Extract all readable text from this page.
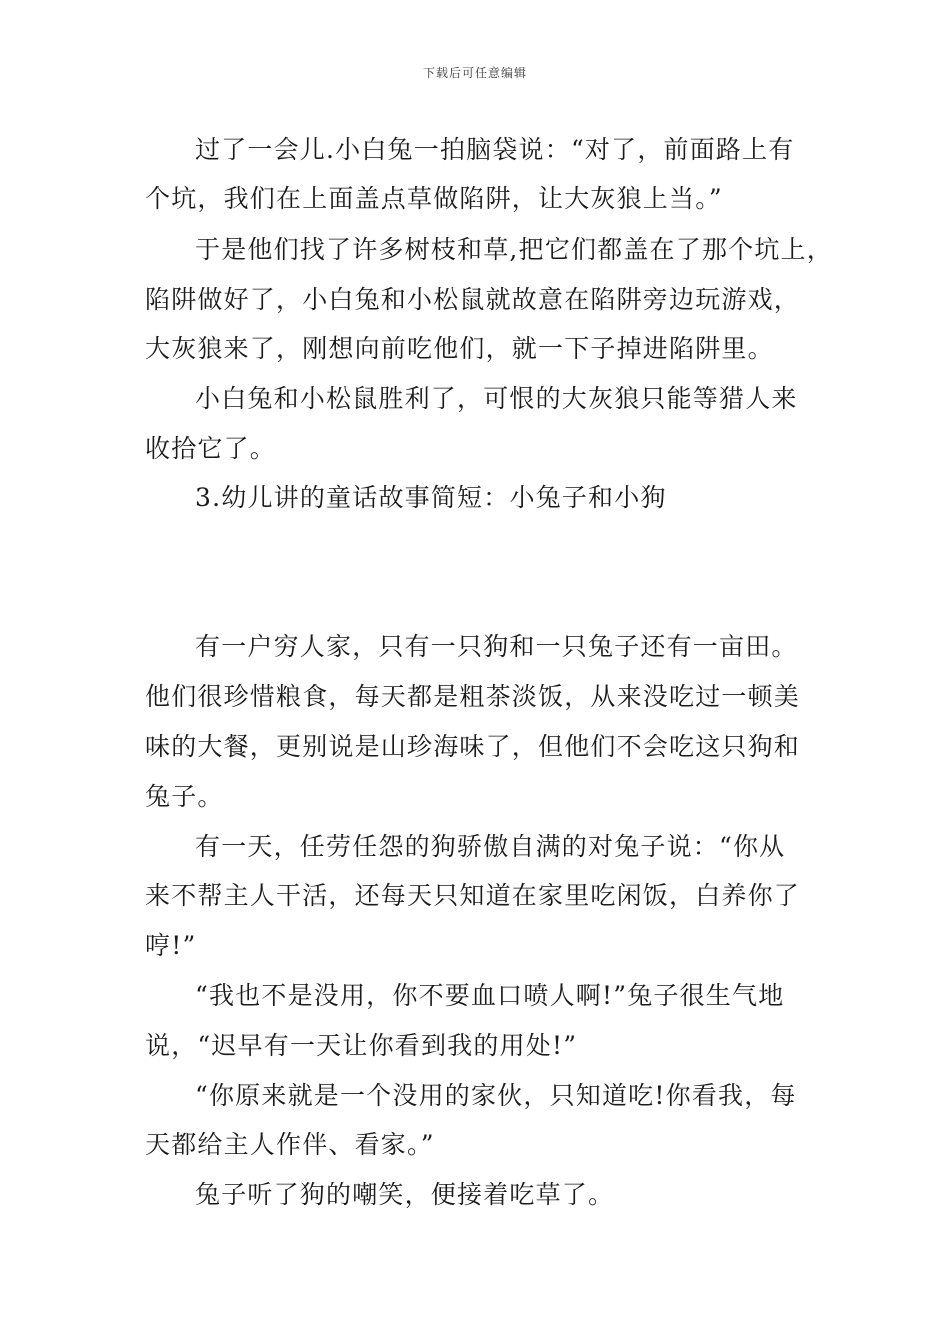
下载后可任意编辑
过了一会儿.小白兔一拍脑袋说：“对了，前面路上有
个坑，我们在上面盖点草做陷阱，让大灰狼上当。”
于是他们找了许多树枝和草,把它们都盖在了那个坑上，
陷阱做好了，小白兔和小松鼠就故意在陷阱旁边玩游戏，
大灰狼来了，刚想向前吃他们，就一下子掉进陷阱里。
小白兔和小松鼠胜利了，可恨的大灰狼只能等猎人来
收拾它了。
3.幼儿讲的童话故事简短：小兔子和小狗
有一户穷人家，只有一只狗和一只兔子还有一亩田。
他们很珍惜粮食，每天都是粗茶淡饭，从来没吃过一顿美
味的大餐，更别说是山珍海味了，但他们不会吃这只狗和
兔子。
有一天，任劳任怨的狗骄傲自满的对兔子说：“你从
来不帮主人干活，还每天只知道在家里吃闲饭，白养你了
哼!”
“我也不是没用，你不要血口喷人啊!”兔子很生气地
说，“迟早有一天让你看到我的用处!”
“你原来就是一个没用的家伙，只知道吃!你看我，每
天都给主人作伴、看家。”
兔子听了狗的嘲笑，便接着吃草了。
